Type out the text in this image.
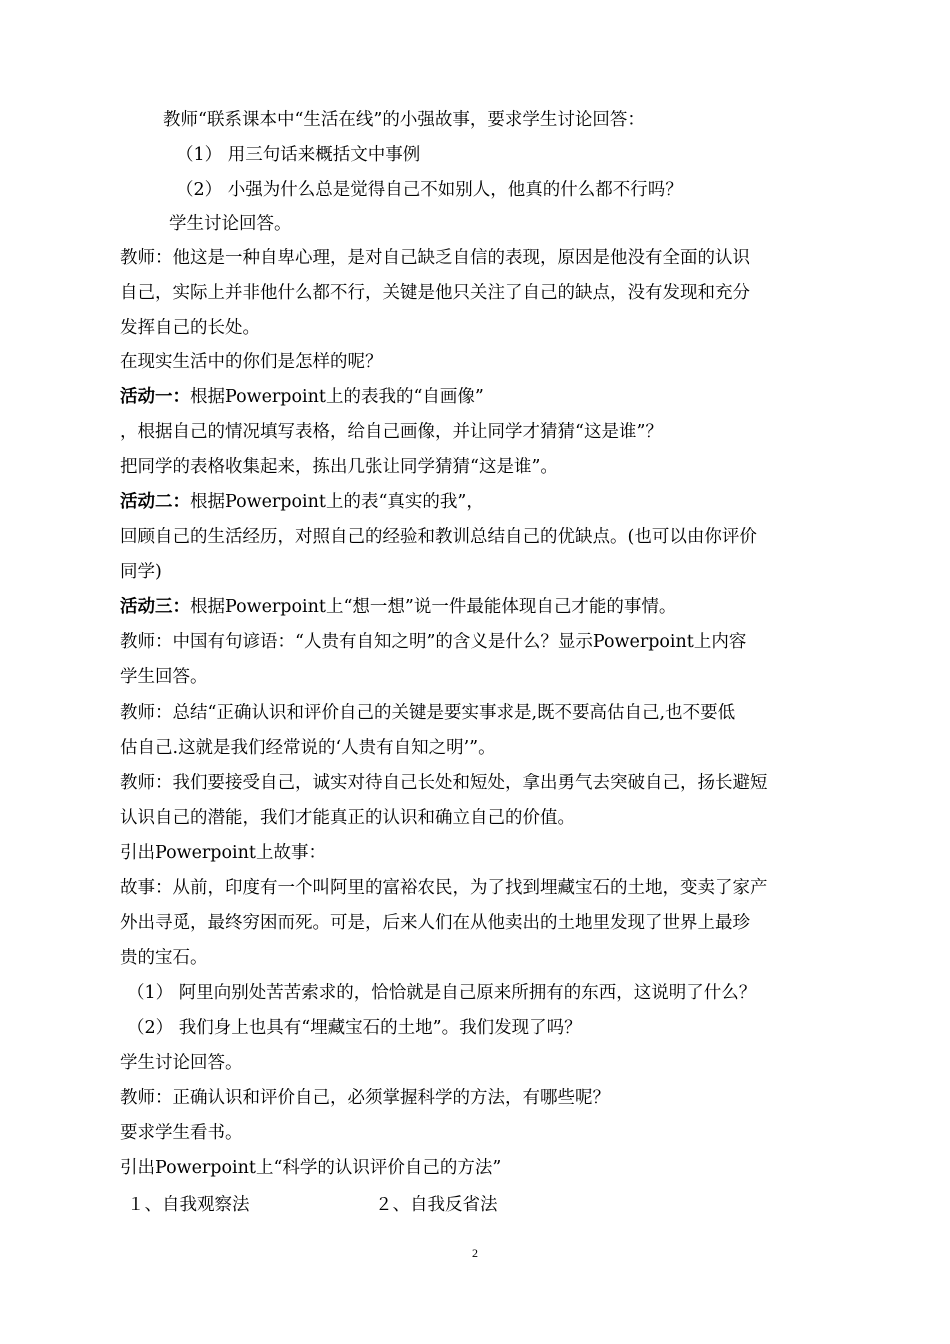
教师“联系课本中“生活在线”的小强故事，要求学生讨论回答：
（1） 用三句话来概括文中事例
（2） 小强为什么总是觉得自己不如别人，他真的什么都不行吗？
学生讨论回答。
教师：他这是一种自卑心理，是对自己缺乏自信的表现，原因是他没有全面的认识
自己，实际上并非他什么都不行，关键是他只关注了自己的缺点，没有发现和充分
发挥自己的长处。
在现实生活中的你们是怎样的呢？
活动一：根据Powerpoint上的表我的“自画像”
，根据自己的情况填写表格，给自己画像，并让同学才猜猜“这是谁”？
把同学的表格收集起来，拣出几张让同学猜猜“这是谁”。
活动二：根据Powerpoint上的表“真实的我”，
回顾自己的生活经历，对照自己的经验和教训总结自己的优缺点。(也可以由你评价
同学)
活动三：根据Powerpoint上“想一想”说一件最能体现自己才能的事情。
教师：中国有句谚语：“人贵有自知之明”的含义是什么？显示Powerpoint上内容
学生回答。
教师：总结“正确认识和评价自己的关键是要实事求是,既不要高估自己,也不要低
估自己.这就是我们经常说的‘人贵有自知之明’”。
教师：我们要接受自己，诚实对待自己长处和短处，拿出勇气去突破自己，扬长避短
认识自己的潜能，我们才能真正的认识和确立自己的价值。
引出Powerpoint上故事：
故事：从前，印度有一个叫阿里的富裕农民，为了找到埋藏宝石的土地，变卖了家产
外出寻觅，最终穷困而死。可是，后来人们在从他卖出的土地里发现了世界上最珍
贵的宝石。
（1） 阿里向别处苦苦索求的，恰恰就是自己原来所拥有的东西，这说明了什么？
（2） 我们身上也具有“埋藏宝石的土地”。我们发现了吗？
学生讨论回答。
教师：正确认识和评价自己，必须掌握科学的方法，有哪些呢？
要求学生看书。
引出Powerpoint上“科学的认识评价自己的方法”
１、自我观察法	２、自我反省法
2
